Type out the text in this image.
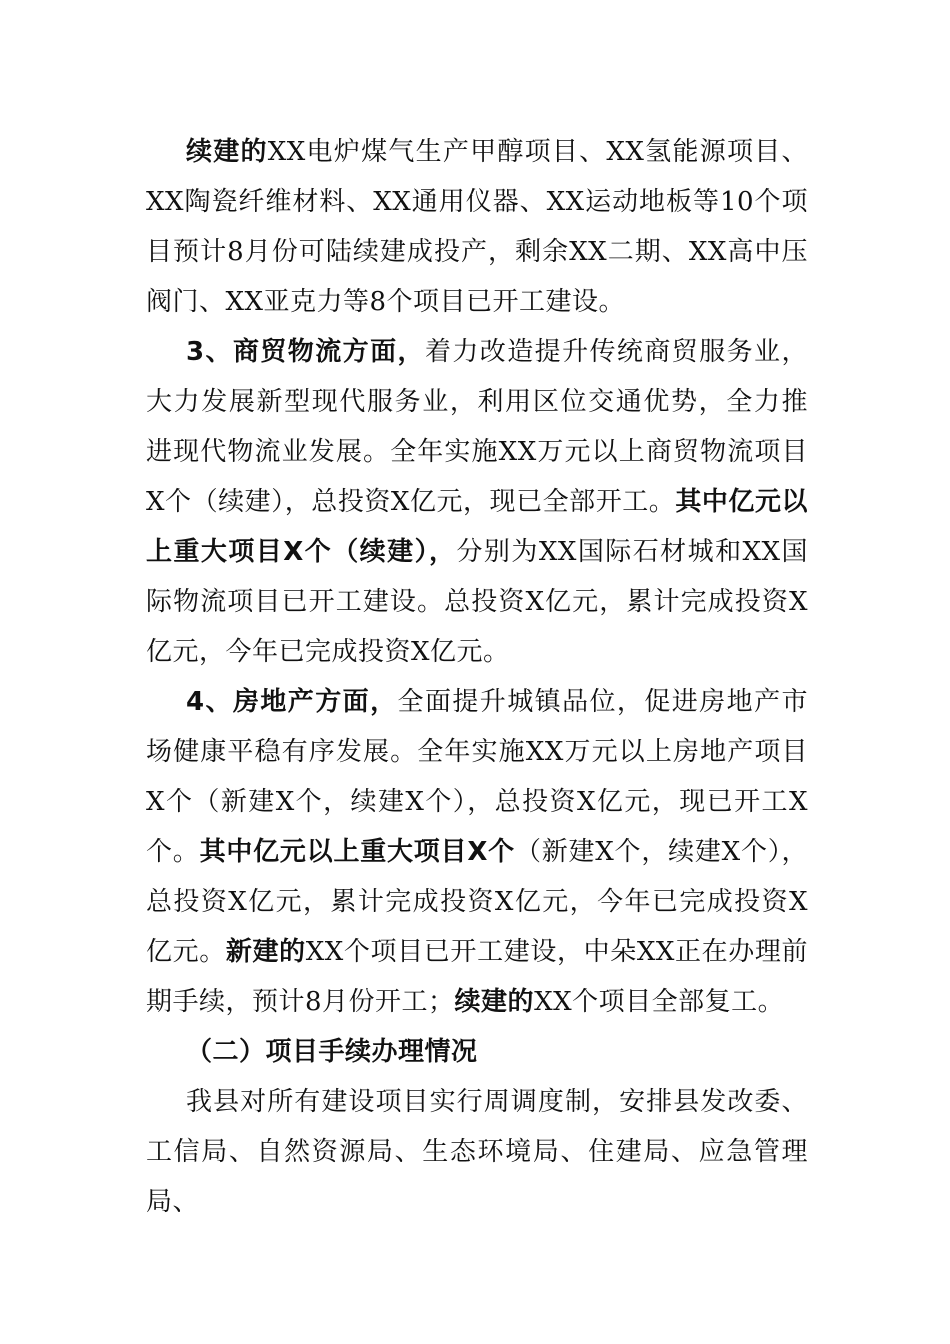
续建的XX电炉煤气生产甲醇项目、XX氢能源项目、XX陶瓷纤维材料、XX通用仪器、XX运动地板等10个项目预计8月份可陆续建成投产，剩余XX二期、XX高中压阀门、XX亚克力等8个项目已开工建设。

3、商贸物流方面，着力改造提升传统商贸服务业，大力发展新型现代服务业，利用区位交通优势，全力推进现代物流业发展。全年实施XX万元以上商贸物流项目X个（续建），总投资X亿元，现已全部开工。其中亿元以上重大项目X个（续建），分别为XX国际石材城和XX国际物流项目已开工建设。总投资X亿元，累计完成投资X亿元，今年已完成投资X亿元。

4、房地产方面，全面提升城镇品位，促进房地产市场健康平稳有序发展。全年实施XX万元以上房地产项目X个（新建X个，续建X个），总投资X亿元，现已开工X个。其中亿元以上重大项目X个（新建X个，续建X个），总投资X亿元，累计完成投资X亿元，今年已完成投资X亿元。新建的XX个项目已开工建设，中朵XX正在办理前期手续，预计8月份开工；续建的XX个项目全部复工。

（二）项目手续办理情况

我县对所有建设项目实行周调度制，安排县发改委、工信局、自然资源局、生态环境局、住建局、应急管理局、
